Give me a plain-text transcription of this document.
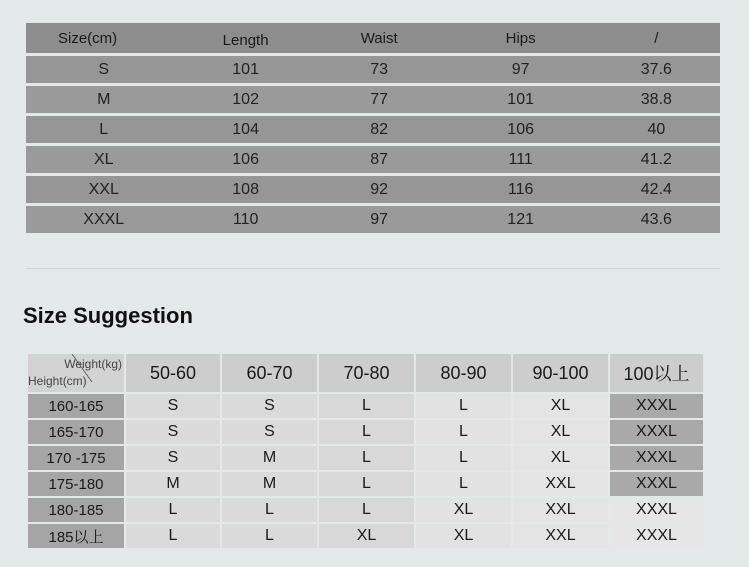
Size(cm)	Length	Waist	Hips	/
S	101	73	97	37.6
M	102	77	101	38.8
L	104	82	106	40
XL	106	87	111	41.2
XXL	108	92	116	42.4
XXXL	110	97	121	43.6
Size Suggestion
Weight(kg)
Height(cm)	50-60	60-70	70-80	80-90	90-100	100以上
160-165	S	S	L	L	XL	XXXL
165-170	S	S	L	L	XL	XXXL
170 -175	S	M	L	L	XL	XXXL
175-180	M	M	L	L	XXL	XXXL
180-185	L	L	L	XL	XXL	XXXL
185以上	L	L	XL	XL	XXL	XXXL
